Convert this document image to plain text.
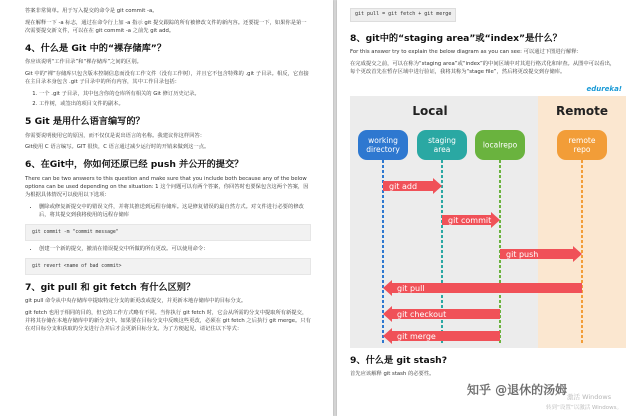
答案非常简单。用于写入提交的命令是 git commit -a。

现在解释一下 -a 标志，通过在命令行上加 -a 指示 git 提交跟踪的所有被修改文件的新内容。还要提一下，如果你是第一次需要提交新文件，可以在在 git commit -a 之前先 git add。

4、什么是 Git 中的“裸存储库”？

你应该说明“工作目录”和“裸存储库”之间的区别。

Git 中的“裸”存储库只包含版本控制信息而没有工作文件（没有工作树），并且它不包含特殊的 .git 子目录。相反，它直接在主目录本身包含 .git 子目录中的所有内容，其中工作目录包括：

1. 一个 .git 子目录，其中包含你的仓库所有相关的 Git 修订历史记录。
2. 工作树，或签出的项目文件的副本。
5 Git 是用什么语言编写的？

你需要说明使用它的原因，而不仅仅是说出语言的名称。我建议你这样回答：

Git使用 C 语言编写。GIT 很快，C 语言通过减少运行时的开销来做到这一点。

6、在Git中，你如何还原已经 push 并公开的提交？

There can be two answers to this question and make sure that you include both because any of the below options can be used depending on the situation: 1 这个问题可以有两个答案，你回答时也要保包含这两个答案，因为根据具体情况可以使用以下选项：

• 删除或修复新提交中的错误文件，并将其推送到远程存储库。这是修复错误的最自然方式。对文件进行必要的修改后，将其提交到我将使用的远程存储库
git commit -m "commit message"
• 创建一个新的提交，撤消在错误提交中所做的所有更改。可以使用命令：
git revert <name of bad commit>
7、git pull 和 git fetch 有什么区别？

git pull 命令从中央存储库中提取特定分支的新更改或提交，并更新本地存储库中的目标分支。

git fetch 也用于相同的目的，但它的工作方式略有不同。当你执行 git fetch 时，它会从所需的分支中提取所有新提交，并将其存储在本地存储库中的新分支中。如果要在目标分支中反映这些更改，必须在 git fetch 之后执行 git merge。只有在对目标分支和获取的分支进行合并后才会更新目标分支。为了方便起见，请记住以下等式：

git pull = git fetch + git merge
8、git中的“staging area”或“index”是什么？

For this answer try to explain the below diagram as you can see: 可以通过下图进行解释：

在完成提交之前，可以在称为“staging area”或“index”的中间区域中对其进行格式化和审查。从图中可以看出，每个更改首先在暂存区域中进行验证，我将其称为“stage file”，然后将更改提交到存储库。

edureka!
Local	Remote
working directory
staging area	localrepo	remote repo
git add
git commit
git push
git pull
git checkout
git merge
9、什么是 git stash?

首先应该解释 git stash 的必要性。

知乎 @退休的汤姆 激活 Windows
转到“设置”以激活 Windows。
